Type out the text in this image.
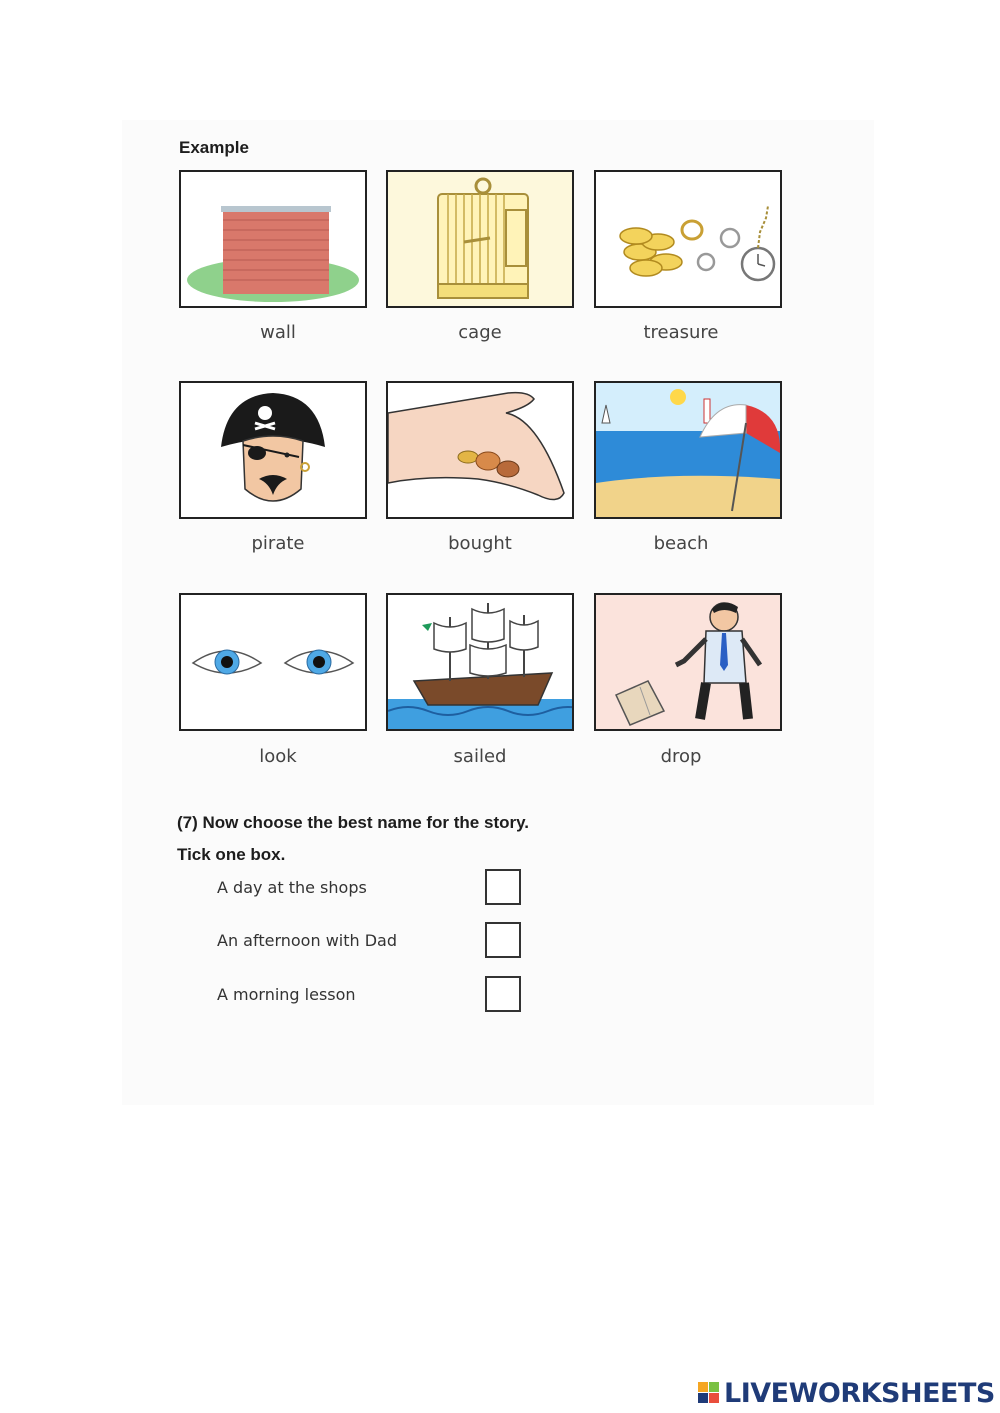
Example
wall	cage	treasure
pirate	bought	beach
look	sailed	drop
(7) Now choose the best name for the story.
Tick one box.
A day at the shops
An afternoon with Dad
A morning lesson
LIVEWORKSHEETS
